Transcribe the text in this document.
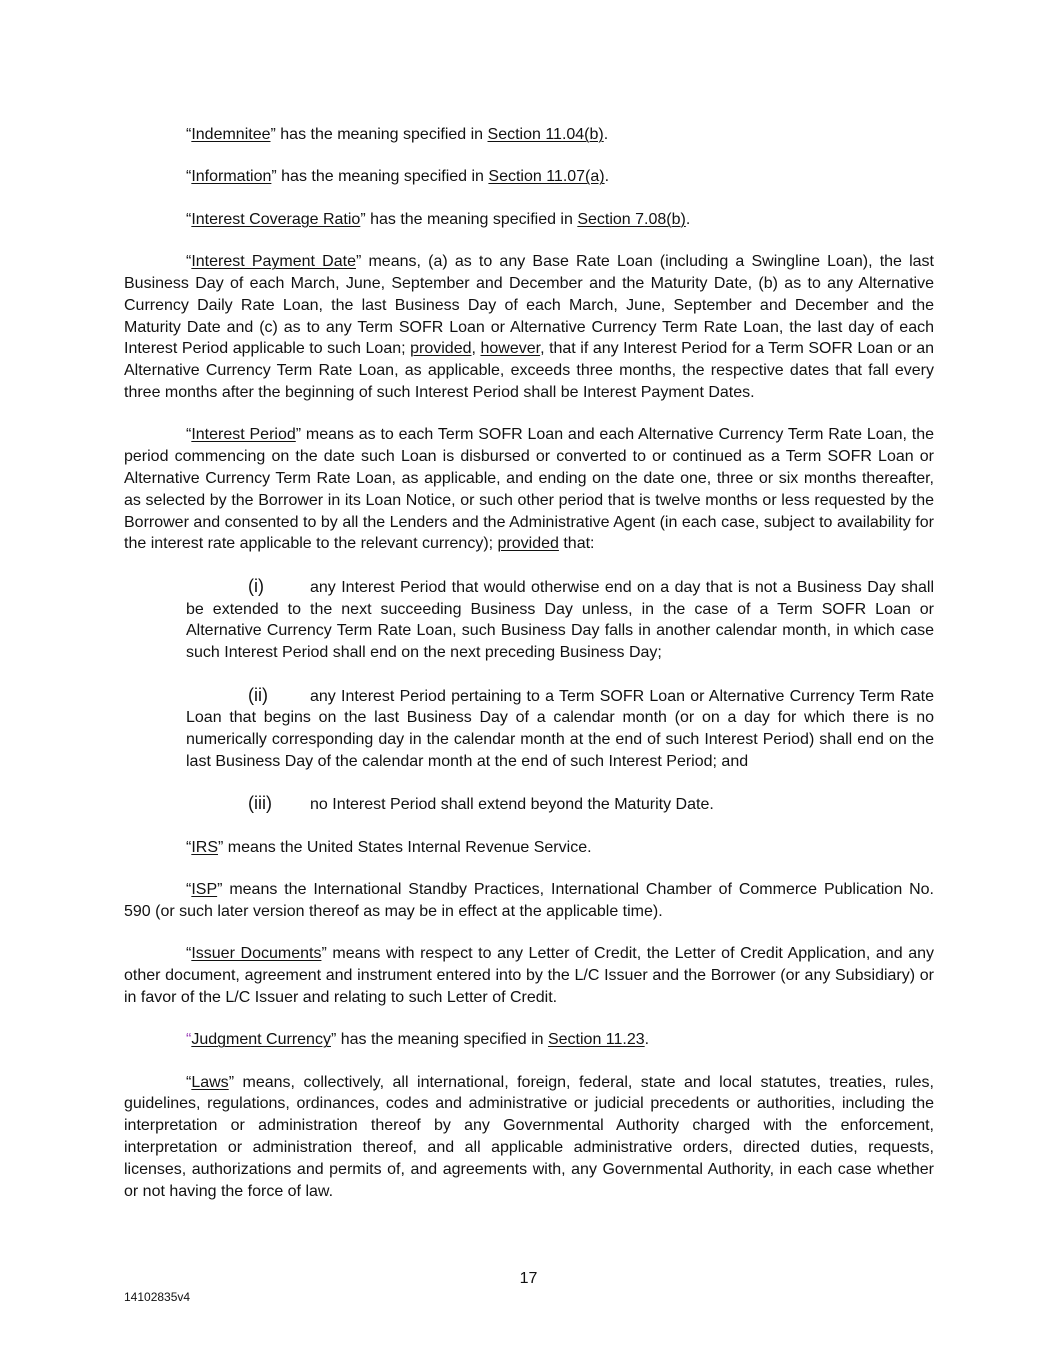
“Indemnitee” has the meaning specified in Section 11.04(b).

“Information” has the meaning specified in Section 11.07(a).

“Interest Coverage Ratio” has the meaning specified in Section 7.08(b).

“Interest Payment Date” means, (a) as to any Base Rate Loan (including a Swingline Loan), the last Business Day of each March, June, September and December and the Maturity Date, (b) as to any Alternative Currency Daily Rate Loan, the last Business Day of each March, June, September and December and the Maturity Date and (c) as to any Term SOFR Loan or Alternative Currency Term Rate Loan, the last day of each Interest Period applicable to such Loan; provided, however, that if any Interest Period for a Term SOFR Loan or an Alternative Currency Term Rate Loan, as applicable, exceeds three months, the respective dates that fall every three months after the beginning of such Interest Period shall be Interest Payment Dates.

“Interest Period” means as to each Term SOFR Loan and each Alternative Currency Term Rate Loan, the period commencing on the date such Loan is disbursed or converted to or continued as a Term SOFR Loan or Alternative Currency Term Rate Loan, as applicable, and ending on the date one, three or six months thereafter, as selected by the Borrower in its Loan Notice, or such other period that is twelve months or less requested by the Borrower and consented to by all the Lenders and the Administrative Agent (in each case, subject to availability for the interest rate applicable to the relevant currency); provided that:

(i)	any Interest Period that would otherwise end on a day that is not a Business Day shall be extended to the next succeeding Business Day unless, in the case of a Term SOFR Loan or Alternative Currency Term Rate Loan, such Business Day falls in another calendar month, in which case such Interest Period shall end on the next preceding Business Day;

(ii)	any Interest Period pertaining to a Term SOFR Loan or Alternative Currency Term Rate Loan that begins on the last Business Day of a calendar month (or on a day for which there is no numerically corresponding day in the calendar month at the end of such Interest Period) shall end on the last Business Day of the calendar month at the end of such Interest Period; and

(iii) no Interest Period shall extend beyond the Maturity Date.

“IRS” means the United States Internal Revenue Service.

“ISP” means the International Standby Practices, International Chamber of Commerce Publication No. 590 (or such later version thereof as may be in effect at the applicable time).

“Issuer Documents” means with respect to any Letter of Credit, the Letter of Credit Application, and any other document, agreement and instrument entered into by the L/C Issuer and the Borrower (or any Subsidiary) or in favor of the L/C Issuer and relating to such Letter of Credit.

“Judgment Currency” has the meaning specified in Section 11.23.

“Laws” means, collectively, all international, foreign, federal, state and local statutes, treaties, rules, guidelines, regulations, ordinances, codes and administrative or judicial precedents or authorities, including the interpretation or administration thereof by any Governmental Authority charged with the enforcement, interpretation or administration thereof, and all applicable administrative orders, directed duties, requests, licenses, authorizations and permits of, and agreements with, any Governmental Authority, in each case whether or not having the force of law.

17
14102835v4
